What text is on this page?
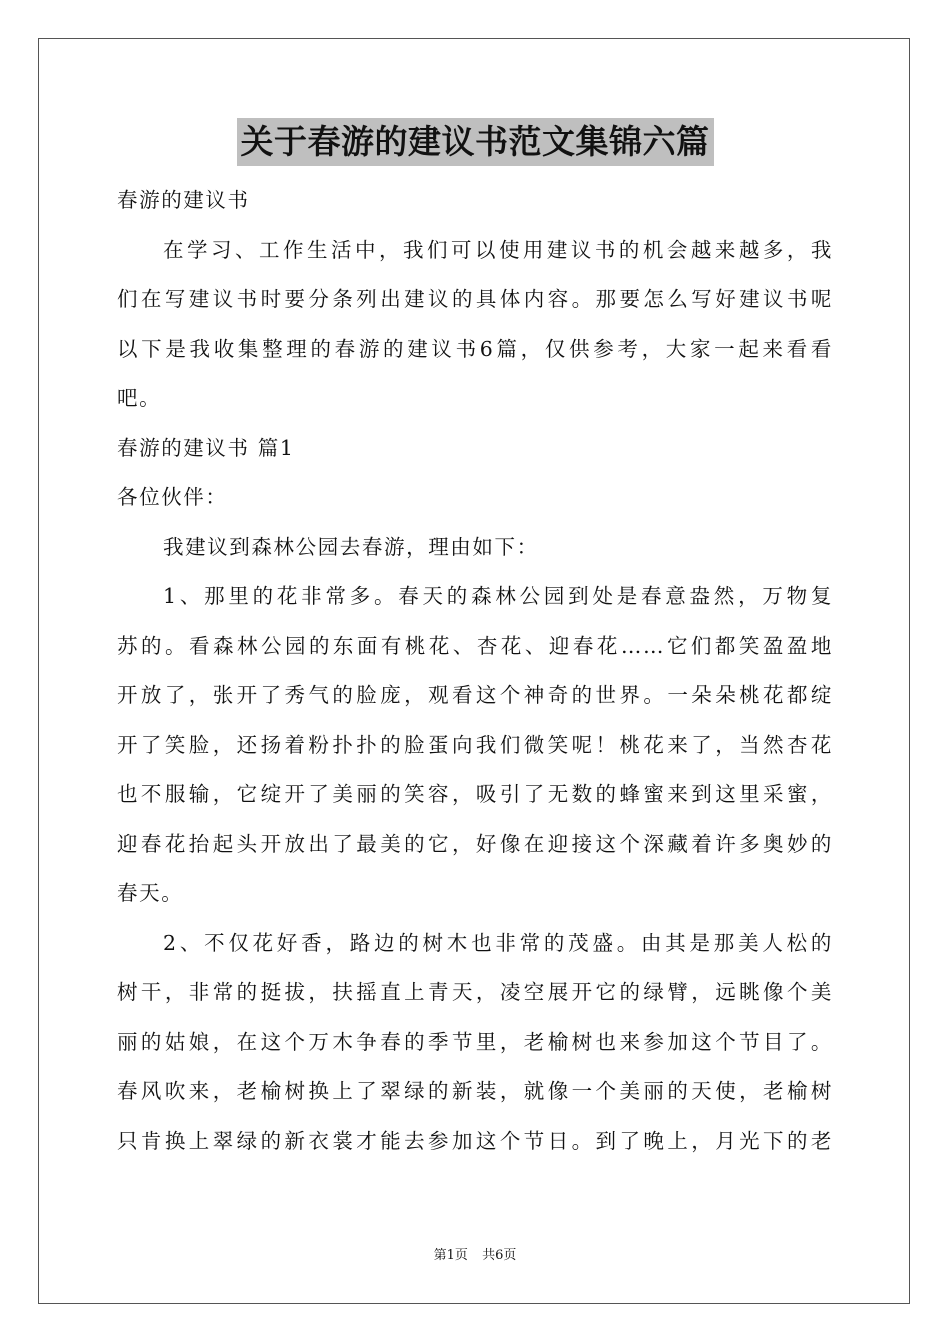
关于春游的建议书范文集锦六篇
春游的建议书
在学习、工作生活中，我们可以使用建议书的机会越来越多，我
们在写建议书时要分条列出建议的具体内容。那要怎么写好建议书呢
以下是我收集整理的春游的建议书6篇，仅供参考，大家一起来看看
吧。
春游的建议书 篇1
各位伙伴：
我建议到森林公园去春游，理由如下：
1、那里的花非常多。春天的森林公园到处是春意盎然，万物复
苏的。看森林公园的东面有桃花、杏花、迎春花……它们都笑盈盈地
开放了，张开了秀气的脸庞，观看这个神奇的世界。一朵朵桃花都绽
开了笑脸，还扬着粉扑扑的脸蛋向我们微笑呢！桃花来了，当然杏花
也不服输，它绽开了美丽的笑容，吸引了无数的蜂蜜来到这里采蜜，
迎春花抬起头开放出了最美的它，好像在迎接这个深藏着许多奥妙的
春天。
2、不仅花好香，路边的树木也非常的茂盛。由其是那美人松的
树干，非常的挺拔，扶摇直上青天，凌空展开它的绿臂，远眺像个美
丽的姑娘，在这个万木争春的季节里，老榆树也来参加这个节目了。
春风吹来，老榆树换上了翠绿的新装，就像一个美丽的天使，老榆树
只肯换上翠绿的新衣裳才能去参加这个节日。到了晚上，月光下的老
第1页 共6页
